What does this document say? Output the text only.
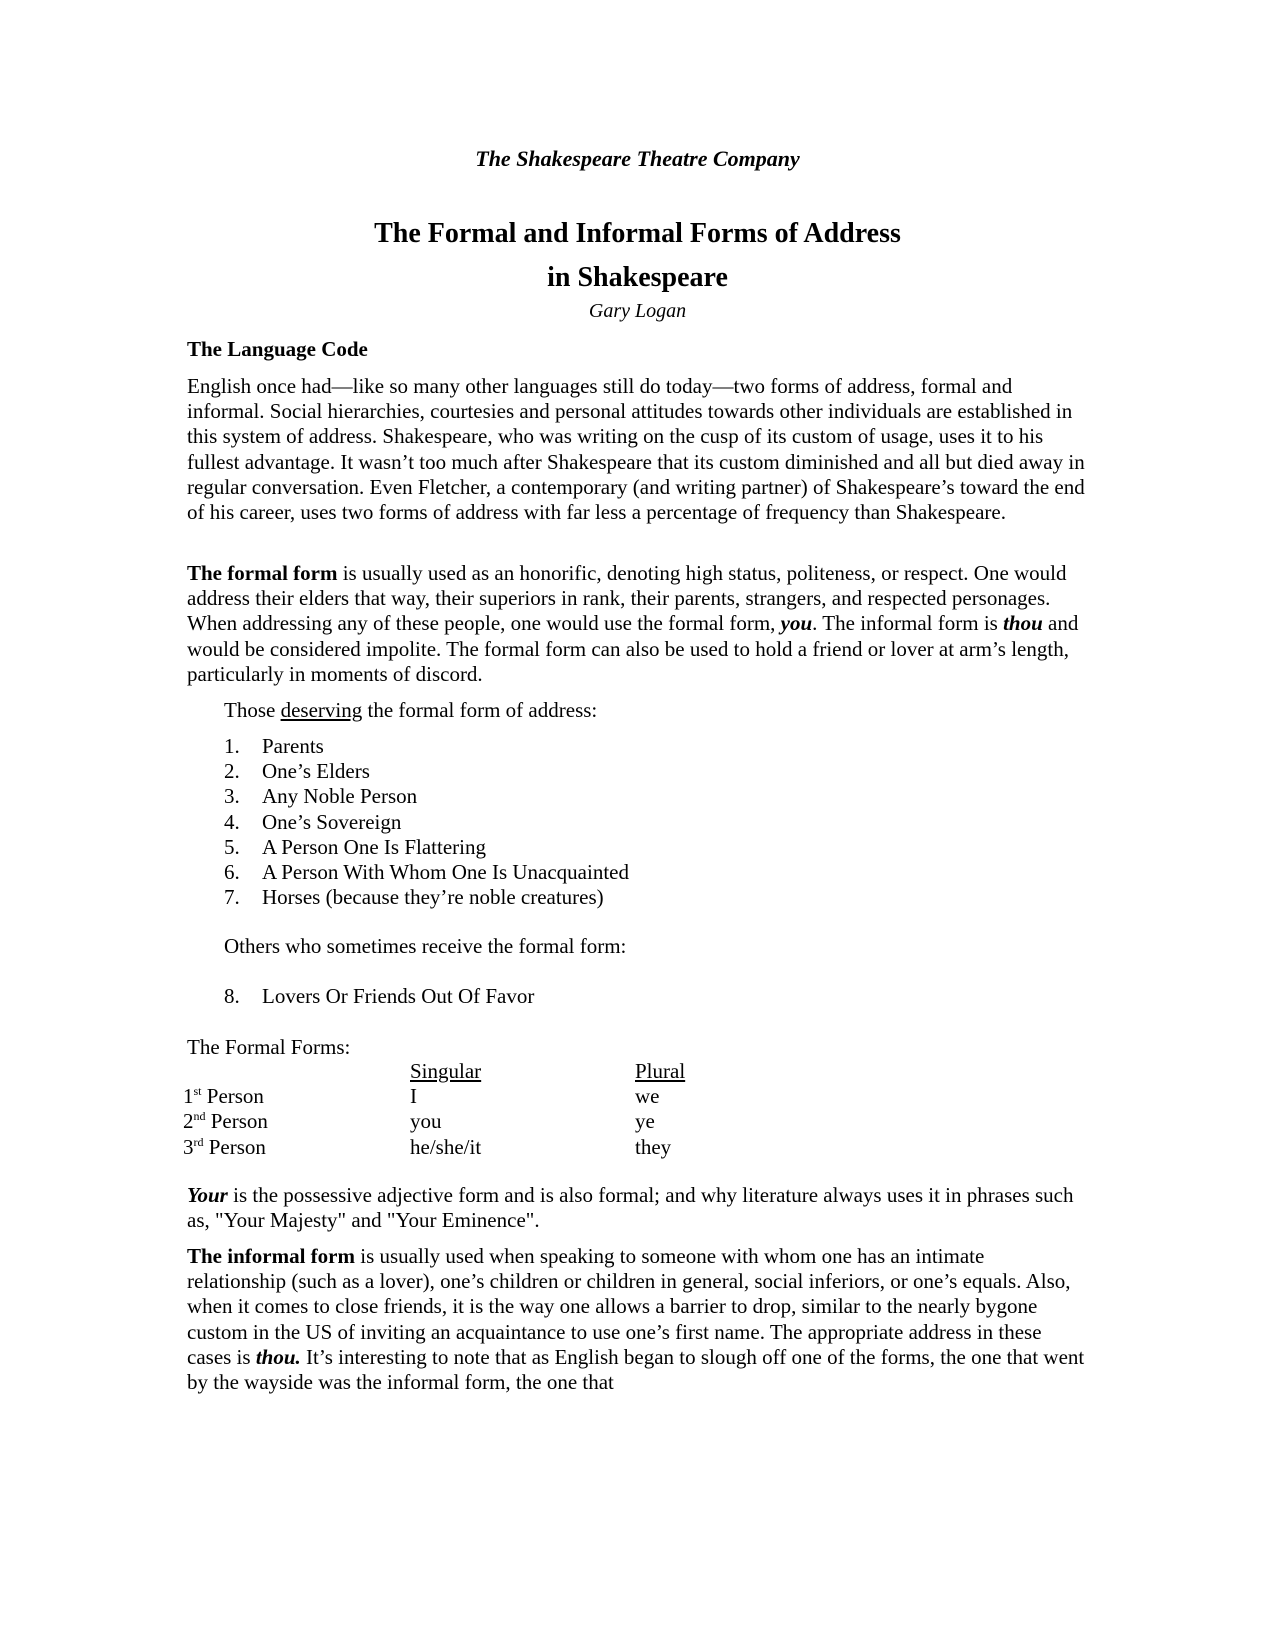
The Shakespeare Theatre Company
The Formal and Informal Forms of Address
in Shakespeare
Gary Logan
The Language Code
English once had—like so many other languages still do today—two forms of address, formal and informal. Social hierarchies, courtesies and personal attitudes towards other individuals are established in this system of address. Shakespeare, who was writing on the cusp of its custom of usage, uses it to his fullest advantage. It wasn’t too much after Shakespeare that its custom diminished and all but died away in regular conversation. Even Fletcher, a contemporary (and writing partner) of Shakespeare’s toward the end of his career, uses two forms of address with far less a percentage of frequency than Shakespeare.
The formal form is usually used as an honorific, denoting high status, politeness, or respect. One would address their elders that way, their superiors in rank, their parents, strangers, and respected personages. When addressing any of these people, one would use the formal form, you. The informal form is thou and would be considered impolite. The formal form can also be used to hold a friend or lover at arm’s length, particularly in moments of discord.
Those deserving the formal form of address:
1. Parents
2. One’s Elders
3. Any Noble Person
4. One’s Sovereign
5. A Person One Is Flattering
6. A Person With Whom One Is Unacquainted
7. Horses (because they’re noble creatures)
Others who sometimes receive the formal form:
8. Lovers Or Friends Out Of Favor
The Formal Forms:
	Singular	Plural
1st Person	I	we
2nd Person	you	ye
3rd Person	he/she/it	they
Your is the possessive adjective form and is also formal; and why literature always uses it in phrases such as, "Your Majesty" and "Your Eminence".
The informal form is usually used when speaking to someone with whom one has an intimate relationship (such as a lover), one’s children or children in general, social inferiors, or one’s equals. Also, when it comes to close friends, it is the way one allows a barrier to drop, similar to the nearly bygone custom in the US of inviting an acquaintance to use one’s first name. The appropriate address in these cases is thou. It’s interesting to note that as English began to slough off one of the forms, the one that went by the wayside was the informal form, the one that
